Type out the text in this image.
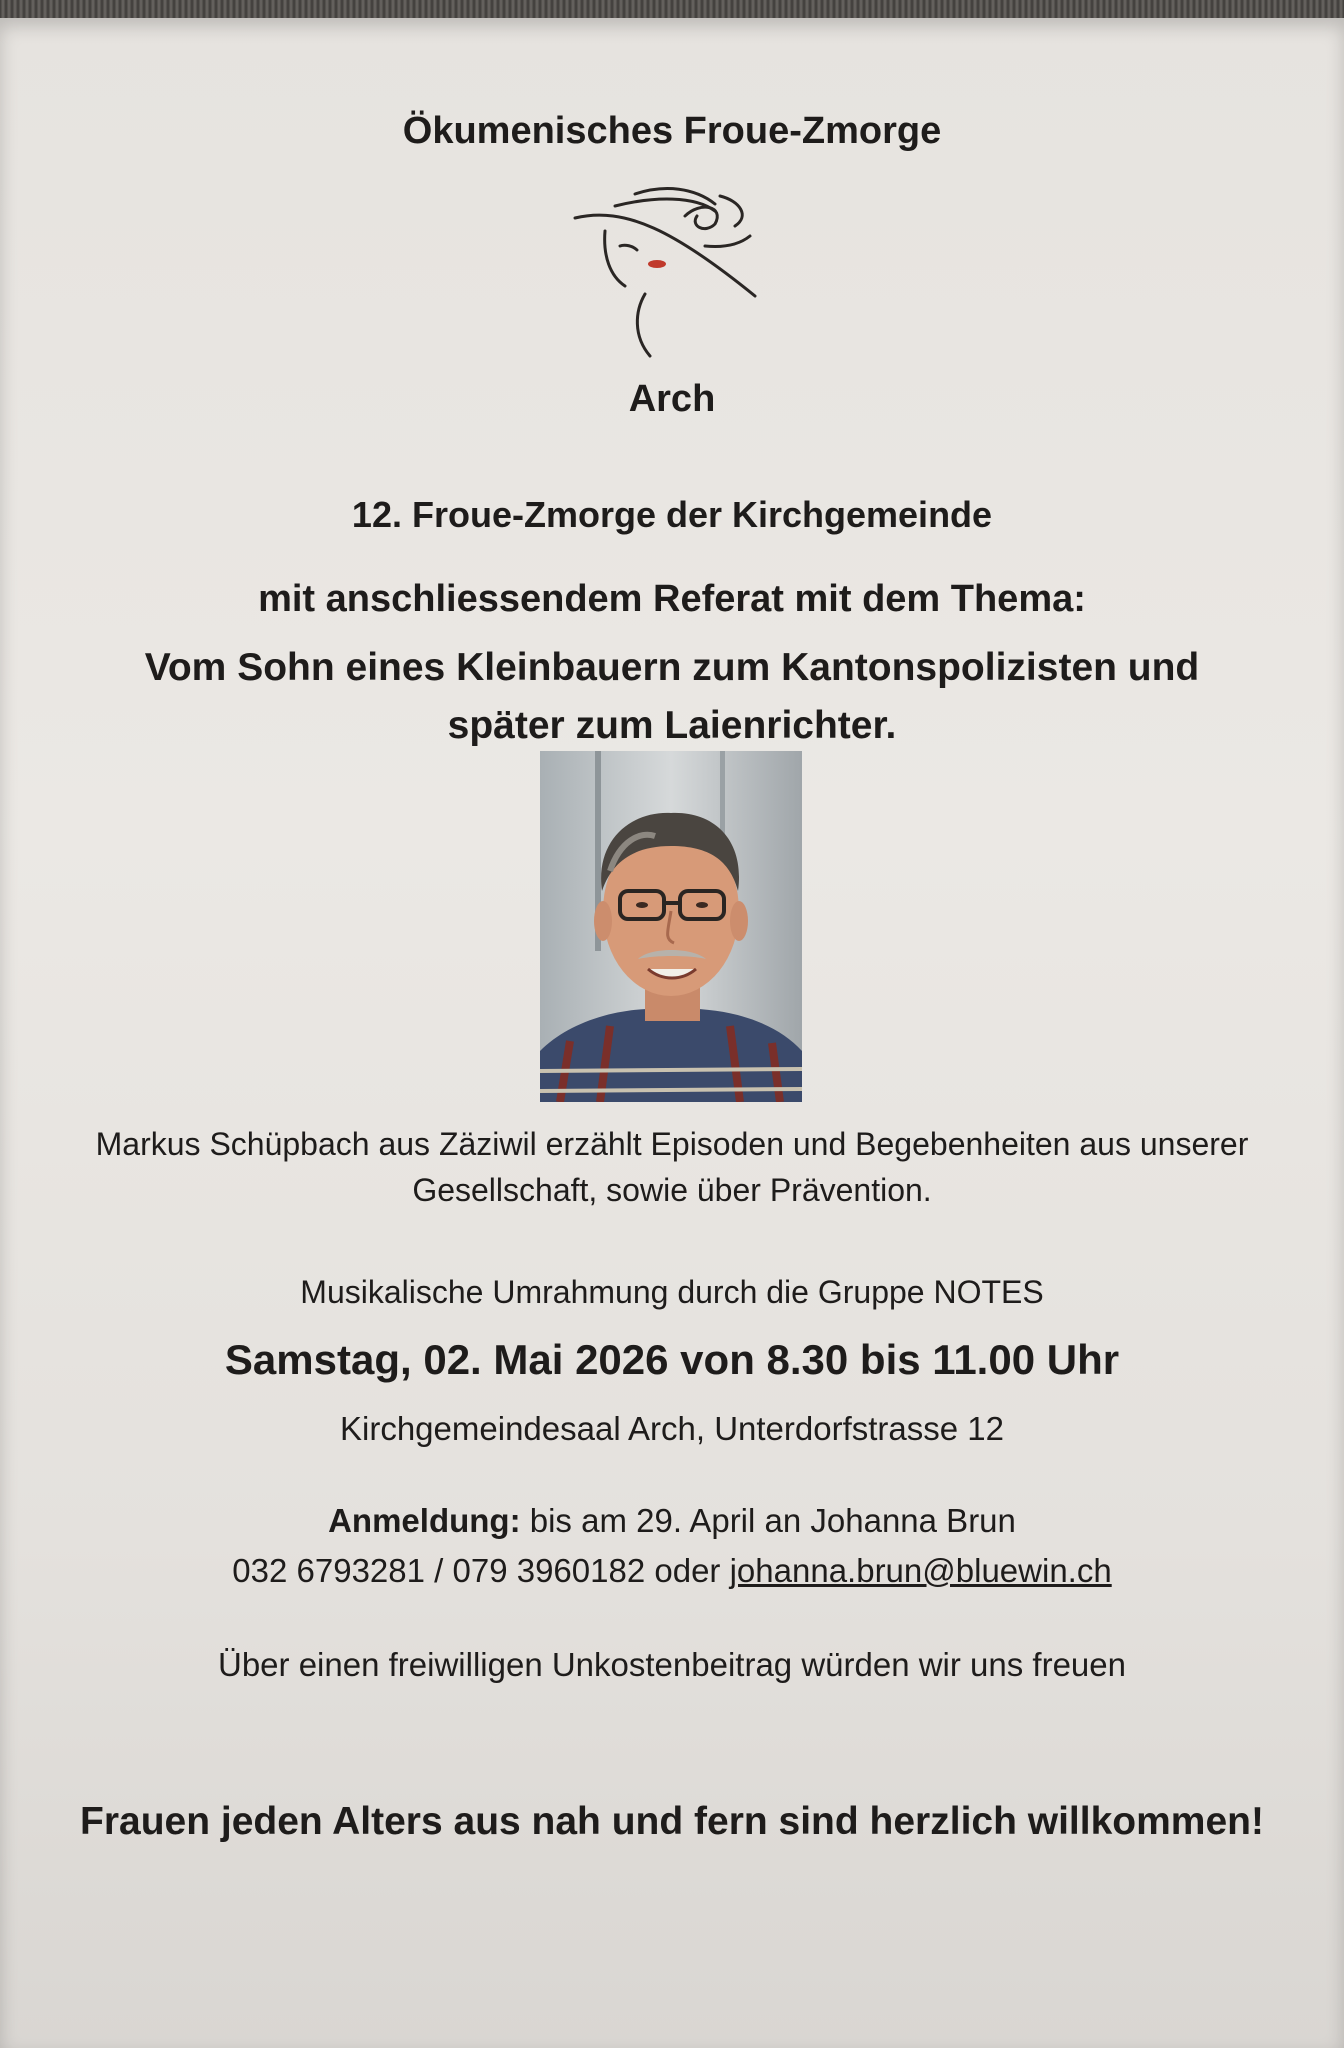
Ökumenisches Froue-Zmorge
Arch
12. Froue-Zmorge der Kirchgemeinde
mit anschliessendem Referat mit dem Thema:
Vom Sohn eines Kleinbauern zum Kantonspolizisten und
später zum Laienrichter.
Markus Schüpbach aus Zäziwil erzählt Episoden und Begebenheiten aus unserer
Gesellschaft, sowie über Prävention.
Musikalische Umrahmung durch die Gruppe NOTES
Samstag, 02. Mai 2026 von 8.30 bis 11.00 Uhr
Kirchgemeindesaal Arch, Unterdorfstrasse 12
Anmeldung: bis am 29. April an Johanna Brun
032 6793281 / 079 3960182 oder johanna.brun@bluewin.ch
Über einen freiwilligen Unkostenbeitrag würden wir uns freuen
Frauen jeden Alters aus nah und fern sind herzlich willkommen!
